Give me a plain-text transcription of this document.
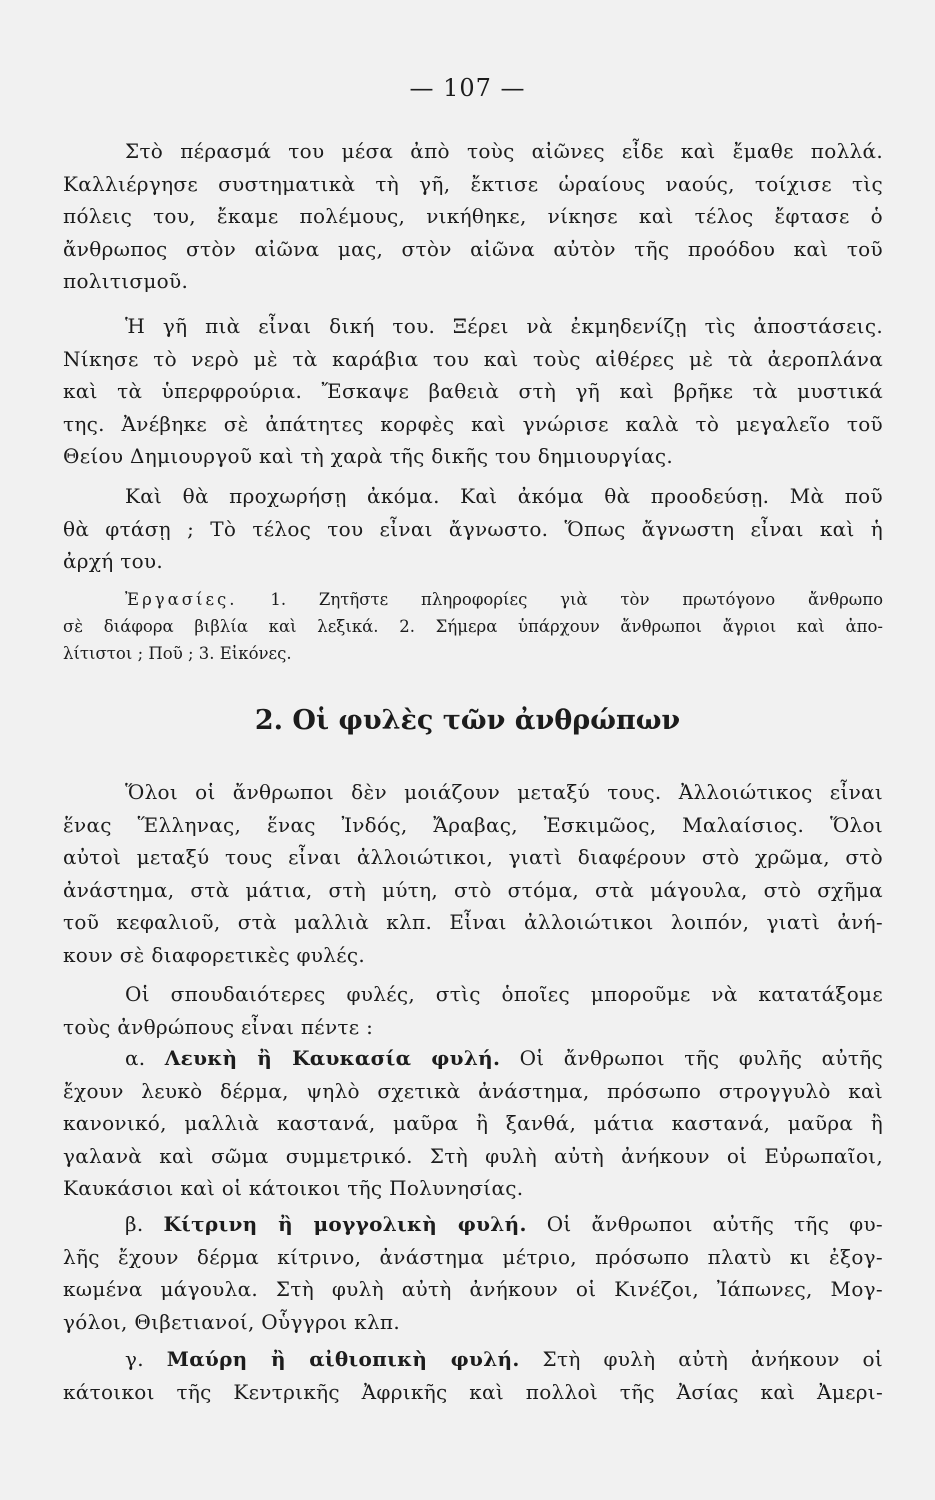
— 107 —
Στὸ πέρασμά του μέσα ἀπὸ τοὺς αἰῶνες εἶδε καὶ ἔμαθε πολλά.
Καλλιέργησε συστηματικὰ τὴ γῆ, ἔκτισε ὡραίους ναούς, τοίχισε τὶς
πόλεις του, ἔκαμε πολέμους, νικήθηκε, νίκησε καὶ τέλος ἔφτασε ὁ
ἄνθρωπος στὸν αἰῶνα μας, στὸν αἰῶνα αὐτὸν τῆς προόδου καὶ τοῦ
πολιτισμοῦ.
Ἡ γῆ πιὰ εἶναι δική του. Ξέρει νὰ ἐκμηδενίζῃ τὶς ἀποστάσεις.
Νίκησε τὸ νερὸ μὲ τὰ καράβια του καὶ τοὺς αἰθέρες μὲ τὰ ἀεροπλάνα
καὶ τὰ ὑπερφρούρια. Ἔσκαψε βαθειὰ στὴ γῆ καὶ βρῆκε τὰ μυστικά
της. Ἀνέβηκε σὲ ἀπάτητες κορφὲς καὶ γνώρισε καλὰ τὸ μεγαλεῖο τοῦ
Θείου Δημιουργοῦ καὶ τὴ χαρὰ τῆς δικῆς του δημιουργίας.
Καὶ θὰ προχωρήσῃ ἀκόμα. Καὶ ἀκόμα θὰ προοδεύσῃ. Μὰ ποῦ
θὰ φτάσῃ ; Τὸ τέλος του εἶναι ἄγνωστο. Ὅπως ἄγνωστη εἶναι καὶ ἡ
ἀρχή του.
Ἐργασίες. 1. Ζητῆστε πληροφορίες γιὰ τὸν πρωτόγονο ἄνθρωπο
σὲ διάφορα βιβλία καὶ λεξικά. 2. Σήμερα ὑπάρχουν ἄνθρωποι ἄγριοι καὶ ἀπο-
λίτιστοι ; Ποῦ ; 3. Εἰκόνες.
2. Οἱ φυλὲς τῶν ἀνθρώπων
Ὅλοι οἱ ἄνθρωποι δὲν μοιάζουν μεταξύ τους. Ἀλλοιώτικος εἶναι
ἕνας Ἕλληνας, ἕνας Ἰνδός, Ἄραβας, Ἐσκιμῶος, Μαλαίσιος. Ὅλοι
αὐτοὶ μεταξύ τους εἶναι ἀλλοιώτικοι, γιατὶ διαφέρουν στὸ χρῶμα, στὸ
ἀνάστημα, στὰ μάτια, στὴ μύτη, στὸ στόμα, στὰ μάγουλα, στὸ σχῆμα
τοῦ κεφαλιοῦ, στὰ μαλλιὰ κλπ. Εἶναι ἀλλοιώτικοι λοιπόν, γιατὶ ἀνή-
κουν σὲ διαφορετικὲς φυλές.
Οἱ σπουδαιότερες φυλές, στὶς ὁποῖες μποροῦμε νὰ κατατάξομε
τοὺς ἀνθρώπους εἶναι πέντε :
α. Λευκὴ ἢ Καυκασία φυλή. Οἱ ἄνθρωποι τῆς φυλῆς αὐτῆς
ἔχουν λευκὸ δέρμα, ψηλὸ σχετικὰ ἀνάστημα, πρόσωπο στρογγυλὸ καὶ
κανονικό, μαλλιὰ καστανά, μαῦρα ἢ ξανθά, μάτια καστανά, μαῦρα ἢ
γαλανὰ καὶ σῶμα συμμετρικό. Στὴ φυλὴ αὐτὴ ἀνήκουν οἱ Εὐρωπαῖοι,
Καυκάσιοι καὶ οἱ κάτοικοι τῆς Πολυνησίας.
β. Κίτρινη ἢ μογγολικὴ φυλή. Οἱ ἄνθρωποι αὐτῆς τῆς φυ-
λῆς ἔχουν δέρμα κίτρινο, ἀνάστημα μέτριο, πρόσωπο πλατὺ κι ἐξογ-
κωμένα μάγουλα. Στὴ φυλὴ αὐτὴ ἀνήκουν οἱ Κινέζοι, Ἰάπωνες, Μογ-
γόλοι, Θιβετιανοί, Οὗγγροι κλπ.
γ. Μαύρη ἢ αἰθιοπικὴ φυλή. Στὴ φυλὴ αὐτὴ ἀνήκουν οἱ
κάτοικοι τῆς Κεντρικῆς Ἀφρικῆς καὶ πολλοὶ τῆς Ἀσίας καὶ Ἀμερι-
